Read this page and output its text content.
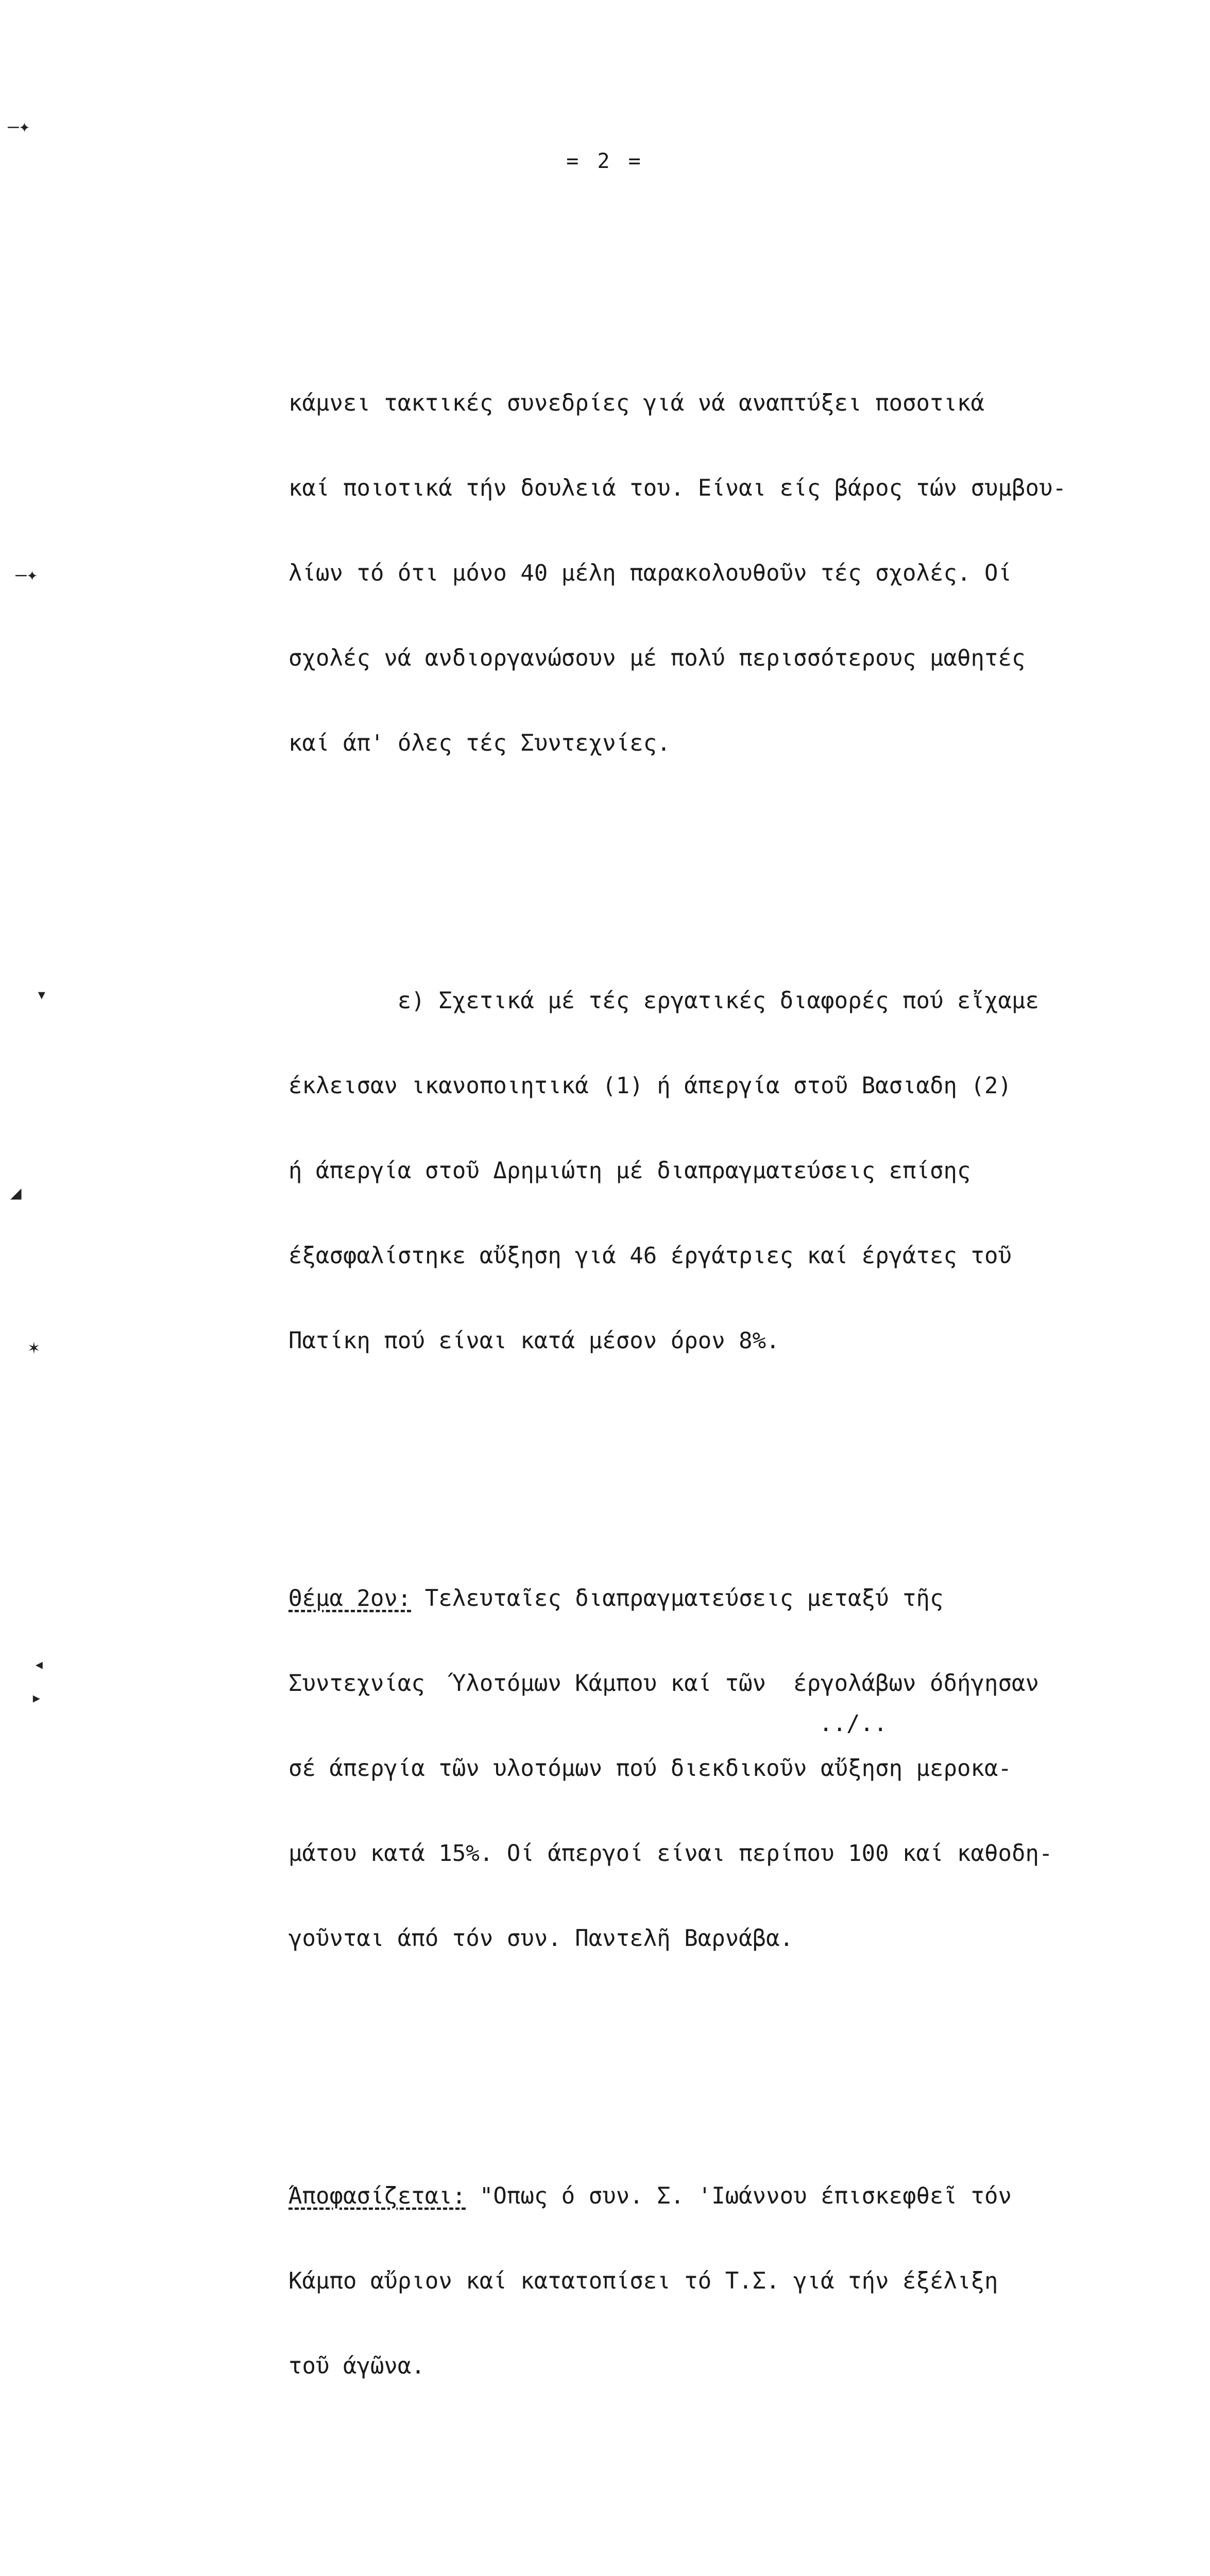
—✦
—✦
▾
◢
✶
◂
▸
= 2 =

κάμνει τακτικές συνεδρίες γιά νά αναπτύξει ποσοτικά

καί ποιοτικά τήν δουλειά του. Είναι είς βάρος τών συμβου-

λίων τό ότι μόνο 40 μέλη παρακολουθοῦν τές σχολές. Οί

σχολές νά ανδιοργανώσουν μέ πολύ περισσότερους μαθητές

καί άπ' όλες τές Συντεχνίες.

ε) Σχετικά μέ τές εργατικές διαφορές πού εἴχαμε

έκλεισαν ικανοποιητικά (1) ή άπεργία στοῦ Βασιαδη (2)

ή άπεργία στοῦ Δρημιώτη μέ διαπραγματεύσεις επίσης

έξασφαλίστηκε αὔξηση γιά 46 έργάτριες καί έργάτες τοῦ

Πατίκη πού είναι κατά μέσον όρον 8%.

Θέμα 2ον: Τελευταῖες διαπραγματεύσεις μεταξύ τῆς

Συντεχνίας  Ύλοτόμων Κάμπου καί τῶν  έργολάβων όδήγησαν

σέ άπεργία τῶν υλοτόμων πού διεκδικοῦν αὔξηση μεροκα-

μάτου κατά 15%. Οί άπεργοί είναι περίπου 100 καί καθοδη-

γοῦνται άπό τόν συν. Παντελῆ Βαρνάβα.

Άποφασίζεται: "Οπως ό συν. Σ. 'Ιωάννου έπισκεφθεῖ τόν

Κάμπο αὔριον καί κατατοπίσει τό Τ.Σ. γιά τήν έξέλιξη

τοῦ άγῶνα.

../..
